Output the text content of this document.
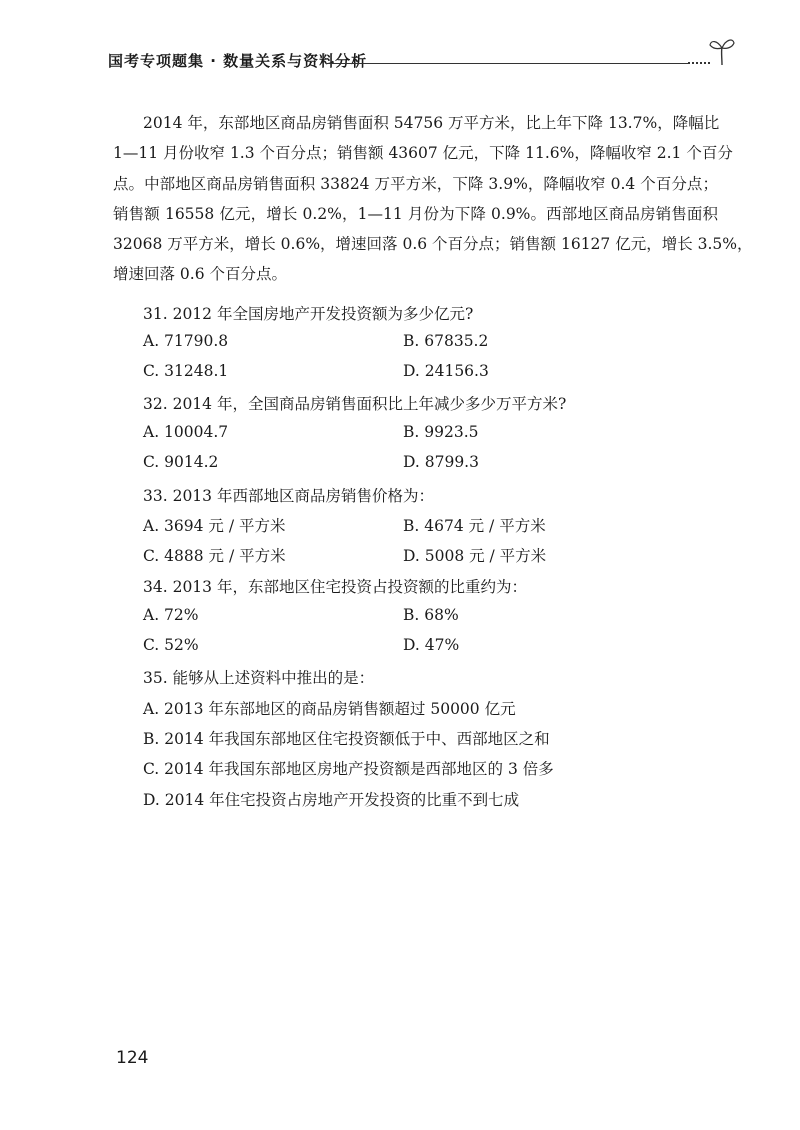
国考专项题集 · 数量关系与资料分析
2014 年，东部地区商品房销售面积 54756 万平方米，比上年下降 13.7%，降幅比
1—11 月份收窄 1.3 个百分点；销售额 43607 亿元，下降 11.6%，降幅收窄 2.1 个百分
点。中部地区商品房销售面积 33824 万平方米，下降 3.9%，降幅收窄 0.4 个百分点；
销售额 16558 亿元，增长 0.2%，1—11 月份为下降 0.9%。西部地区商品房销售面积
32068 万平方米，增长 0.6%，增速回落 0.6 个百分点；销售额 16127 亿元，增长 3.5%，
增速回落 0.6 个百分点。
31. 2012 年全国房地产开发投资额为多少亿元?
A. 71790.8	B. 67835.2
C. 31248.1	D. 24156.3
32. 2014 年，全国商品房销售面积比上年减少多少万平方米?
A. 10004.7	B. 9923.5
C. 9014.2	D. 8799.3
33. 2013 年西部地区商品房销售价格为：
A. 3694 元 / 平方米	B. 4674 元 / 平方米
C. 4888 元 / 平方米	D. 5008 元 / 平方米
34. 2013 年，东部地区住宅投资占投资额的比重约为：
A. 72%	B. 68%
C. 52%	D. 47%
35. 能够从上述资料中推出的是：
A. 2013 年东部地区的商品房销售额超过 50000 亿元
B. 2014 年我国东部地区住宅投资额低于中、西部地区之和
C. 2014 年我国东部地区房地产投资额是西部地区的 3 倍多
D. 2014 年住宅投资占房地产开发投资的比重不到七成
124
